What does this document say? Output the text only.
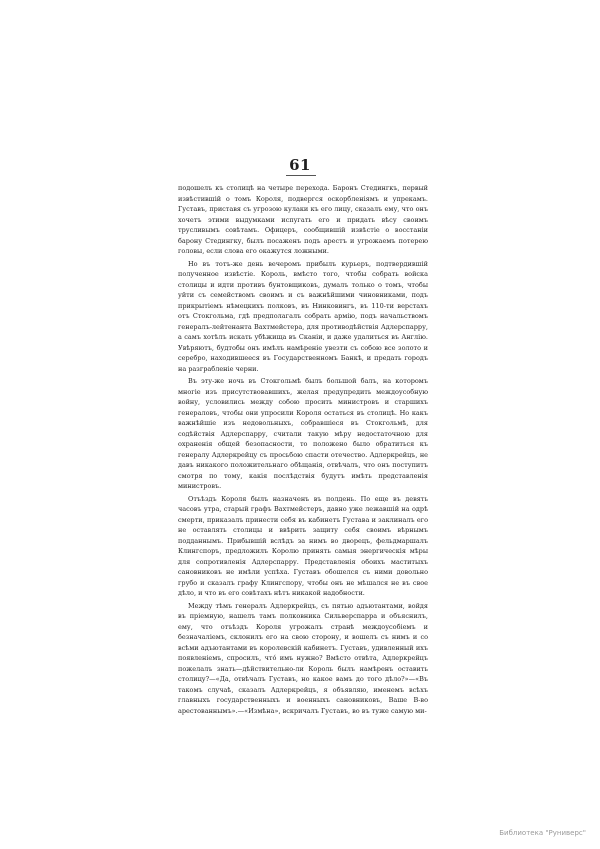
61

подошелъ къ столицѣ на четыре перехода. Баронъ Стедингкъ, первый извѣстившій о томъ Короля, подвергся оскорбленіямъ и упрекамъ. Густавъ, приставя съ угрозою кулаки къ его лицу, сказалъ ему, что онъ хочетъ этими выдумками испугать его и придать вѣсу своимъ трусливымъ совѣтамъ. Офицеръ, сообщившій извѣстіе о восстаніи барону Стедингку, былъ посаженъ подъ арестъ и угрожаемъ потерею головы, если слова его окажутся ложными.

Но въ тотъ-же день вечеромъ прибылъ курьеръ, подтвердившій полученное извѣстіе. Король, вмѣсто того, чтобы собрать войска столицы и идти противъ бунтовщиковъ, думалъ только о томъ, чтобы уйти съ семействомъ своимъ и съ важнѣйшими чиновниками, подъ прикрытіемъ нѣмецкихъ полковъ, въ Нинковингъ, въ 110-ти верстахъ отъ Стокгольма, гдѣ предполагалъ собрать армію, подъ начальствомъ генералъ-лейтенанта Вахтмейстера, для противодѣйствія Адлерспарру, а самъ хотѣлъ искать убѣжища въ Сканіи, и даже удалиться въ Англію. Увѣряютъ, будтобы онъ имѣлъ намѣреніе увезти съ собою все золото и серебро, находившееся въ Государственномъ Банкѣ, и предать городъ на разграбленіе черни.

Въ эту-же ночь въ Стокгольмѣ былъ большой балъ, на которомъ многіе изъ присутствовавшихъ, желая предупредить междоусобную войну, условились между собою просить министровъ и старшихъ генераловъ, чтобы они упросили Короля остаться въ столицѣ. Но какъ важнѣйшіе изъ недовольныхъ, собравшіеся въ Стокгольмѣ, для содѣйствія Адлерспарру, считали такую мѣру недостаточною для охраненія общей безопасности, то положено было обратиться къ генералу Адлеркрейцу съ просьбою спасти отечество. Адлеркрейцъ, не давъ никакого положительнаго обѣщанія, отвѣчалъ, что онъ поступитъ смотря по тому, какія послѣдствія будутъ имѣть представленія министровъ.

Отъѣздъ Короля былъ назначенъ въ полдень. По еще въ девять часовъ утра, старый графъ Вахтмейстеръ, давно уже лежавшій на одрѣ смерти, приказалъ принести себя въ кабинетъ Густава и заклиналъ его не оставлять столицы и ввѣрить защиту себя своимъ вѣрнымъ подданнымъ. Прибывшій вслѣдъ за нимъ во дворецъ, фельдмаршалъ Клингспоръ, предложилъ Королю принять самыя энергическія мѣры для сопротивленія Адлерспарру. Представленія обоихъ маститыхъ сановниковъ не имѣли успѣха. Густавъ обошелся съ ними довольно грубо и сказалъ графу Клингспору, чтобы онъ не мѣшался не въ свое дѣло, и что въ его совѣтахъ нѣтъ никакой надобности.

Между тѣмъ генералъ Адлеркрейцъ, съ пятью адъютантами, войдя въ пріемную, нашелъ тамъ полковника Сильверспарра и объяснилъ, ему, что отъѣздъ Короля угрожалъ странѣ междоусобіемъ и безначаліемъ, склонилъ его на свою сторону, и вошелъ съ нимъ и со всѣми адъютантами въ королевскій кабинетъ. Густавъ, удивленный ихъ появленіемъ, спросилъ, что́ имъ нужно? Вмѣсто отвѣта, Адлеркрейцъ пожелалъ знать—дѣйствительно-ли Король былъ намѣренъ оставить столицу?—«Да, отвѣчалъ Густавъ, но какое вамъ до того дѣло?»—«Въ такомъ случаѣ, сказалъ Адлеркрейцъ, я объявляю, именемъ всѣхъ главныхъ государственныхъ и военныхъ сановниковъ, Ваше В-во арестованнымъ».—«Измѣна», вскричалъ Густавъ, во въ туже самую ми-

Библиотека "Руниверс"
